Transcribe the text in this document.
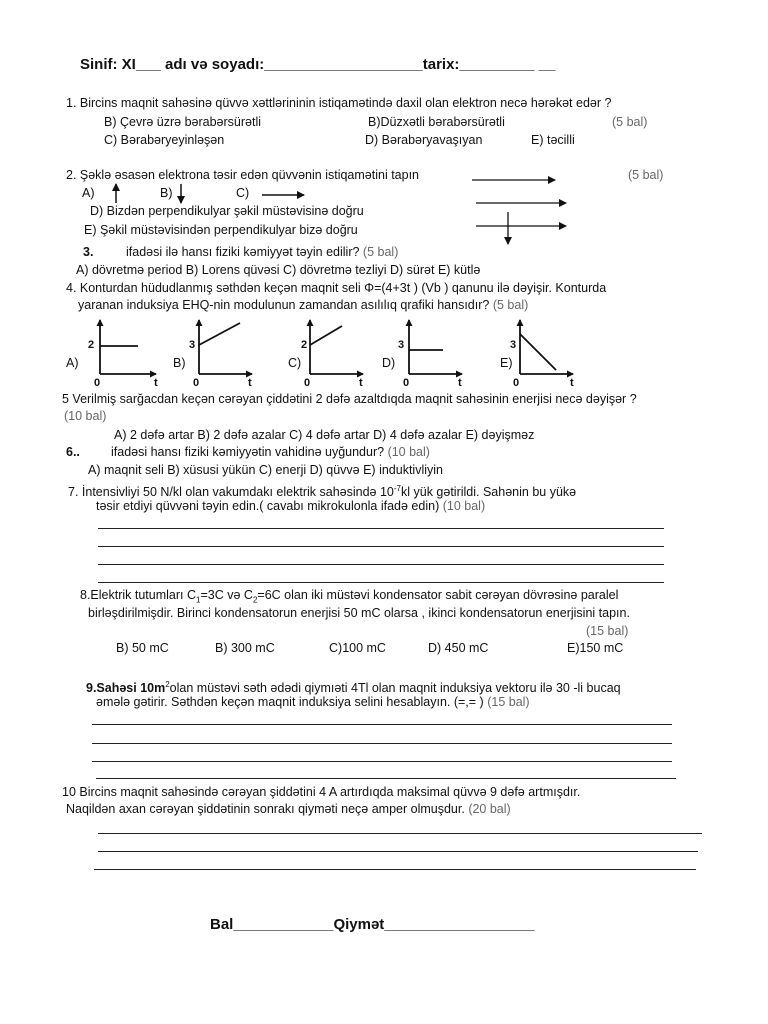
Sinif: XI___ adı və soyadı:___________________tarix:_________ __
1. Bircins maqnit sahəsinə qüvvə xəttlərininin istiqamətində daxil olan elektron necə hərəkət edər ?
B) Çevrə üzrə bərabərsürətli	B)Düzxətli bərabərsürətli	(5 bal)
C) Bərabəryeyinləşən	D) Bərabəryavaşıyan	E) təcilli
2. Şəklə əsasən elektrona təsir edən qüvvənin istiqamətini tapın	(5 bal)
A)	B)	C)
D) Bizdən perpendikulyar şəkil müstəvisinə doğru
E) Şəkil müstəvisindən perpendikulyar bizə doğru
3.	ifadəsi ilə hansı fiziki kəmiyyət təyin edilir? (5 bal)
A) dövretmə period B) Lorens qüvəsi C) dövretmə tezliyi D) sürət E) kütlə
4. Konturdan hüdudlanmış səthdən keçən maqnit seli Φ=(4+3t ) (Vb ) qanunu ilə dəyişir. Konturda
yaranan induksiya EHQ-nin modulunun zamandan asılılıq qrafiki hansıdır? (5 bal)
A)
2
0	t
B)
3
0	t
C)
2
0	t
D)
3
0	t
E)
3
0	t
5 Verilmiş sarğacdan keçən cərəyan çiddətini 2 dəfə azaltdıqda maqnit sahəsinin enerjisi necə dəyişər ?
(10 bal)
A) 2 dəfə artar B) 2 dəfə azalar C) 4 dəfə artar D) 4 dəfə azalar E) dəyişməz
6.. ifadəsi hansı fiziki kəmiyyətin vahidinə uyğundur? (10 bal)
A) maqnit seli B) xüsusi yükün C) enerji D) qüvvə E) induktivliyin
7. İntensivliyi 50 N/kl olan vakumdakı elektrik sahəsində $10^{-7}kl$ yük gətirildi. Sahənin bu yükə
təsir etdiyi qüvvəni təyin edin.( cavabı mikrokulonla ifadə edin) (10 bal)
8.Elektrik tutumları $C_1=3C$ və $C_2=6C$ olan iki müstəvi kondensator sabit cərəyan dövrəsinə paralel
birləşdirilmişdir. Birinci kondensatorun enerjisi 50 mC olarsa , ikinci kondensatorun enerjisini tapın.
(15 bal)
B) 50 mC	B) 300 mC	C)100 mC	D) 450 mC	E)150 mC
9.Sahəsi $10m^2olan$ müstəvi səth ədədi qiymıəti 4Tl olan maqnit induksiya vektoru ilə 30 -li bucaq
əmələ gətirir. Səthdən keçən maqnit induksiya selini hesablayın. (=,= ) (15 bal)
10 Bircins maqnit sahəsində cərəyan şiddətini 4 A artırdıqda maksimal qüvvə 9 dəfə artmışdır.
Naqildən axan cərəyan şiddətinin sonrakı qiyməti neçə amper olmuşdur. (20 bal)
Bal____________Qiymət__________________
